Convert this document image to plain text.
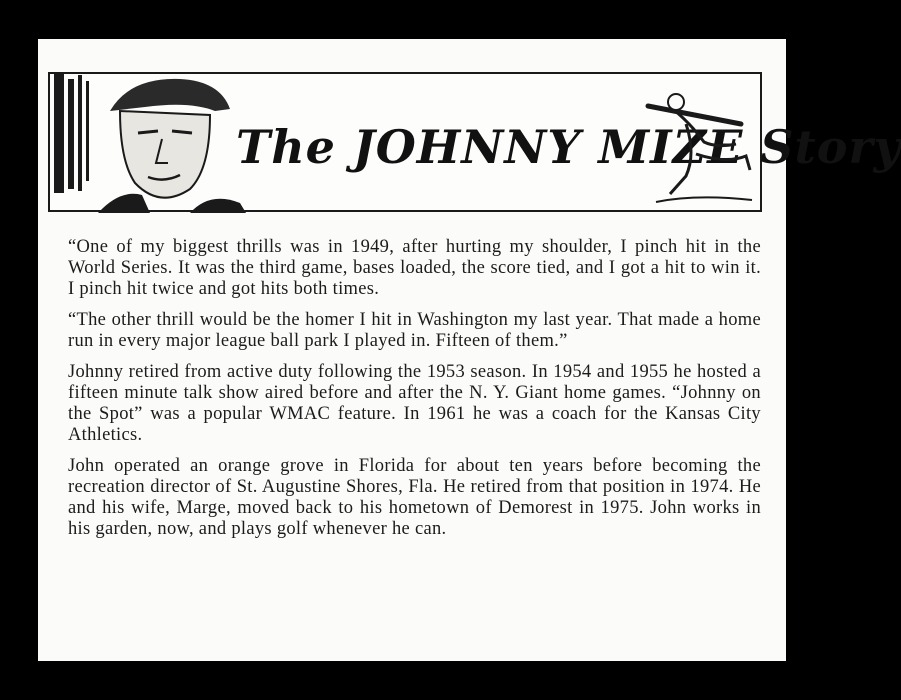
The JOHNNY MIZE Story

“One of my biggest thrills was in 1949, after hurting my shoulder, I pinch hit in the World Series. It was the third game, bases loaded, the score tied, and I got a hit to win it. I pinch hit twice and got hits both times.

“The other thrill would be the homer I hit in Washington my last year. That made a home run in every major league ball park I played in. Fifteen of them.”

Johnny retired from active duty following the 1953 season. In 1954 and 1955 he hosted a fifteen minute talk show aired before and after the N. Y. Giant home games. “Johnny on the Spot” was a popular WMAC feature. In 1961 he was a coach for the Kansas City Athletics.

John operated an orange grove in Florida for about ten years before becoming the recreation director of St. Augustine Shores, Fla. He retired from that position in 1974. He and his wife, Marge, moved back to his hometown of Demorest in 1975. John works in his garden, now, and plays golf whenever he can.
